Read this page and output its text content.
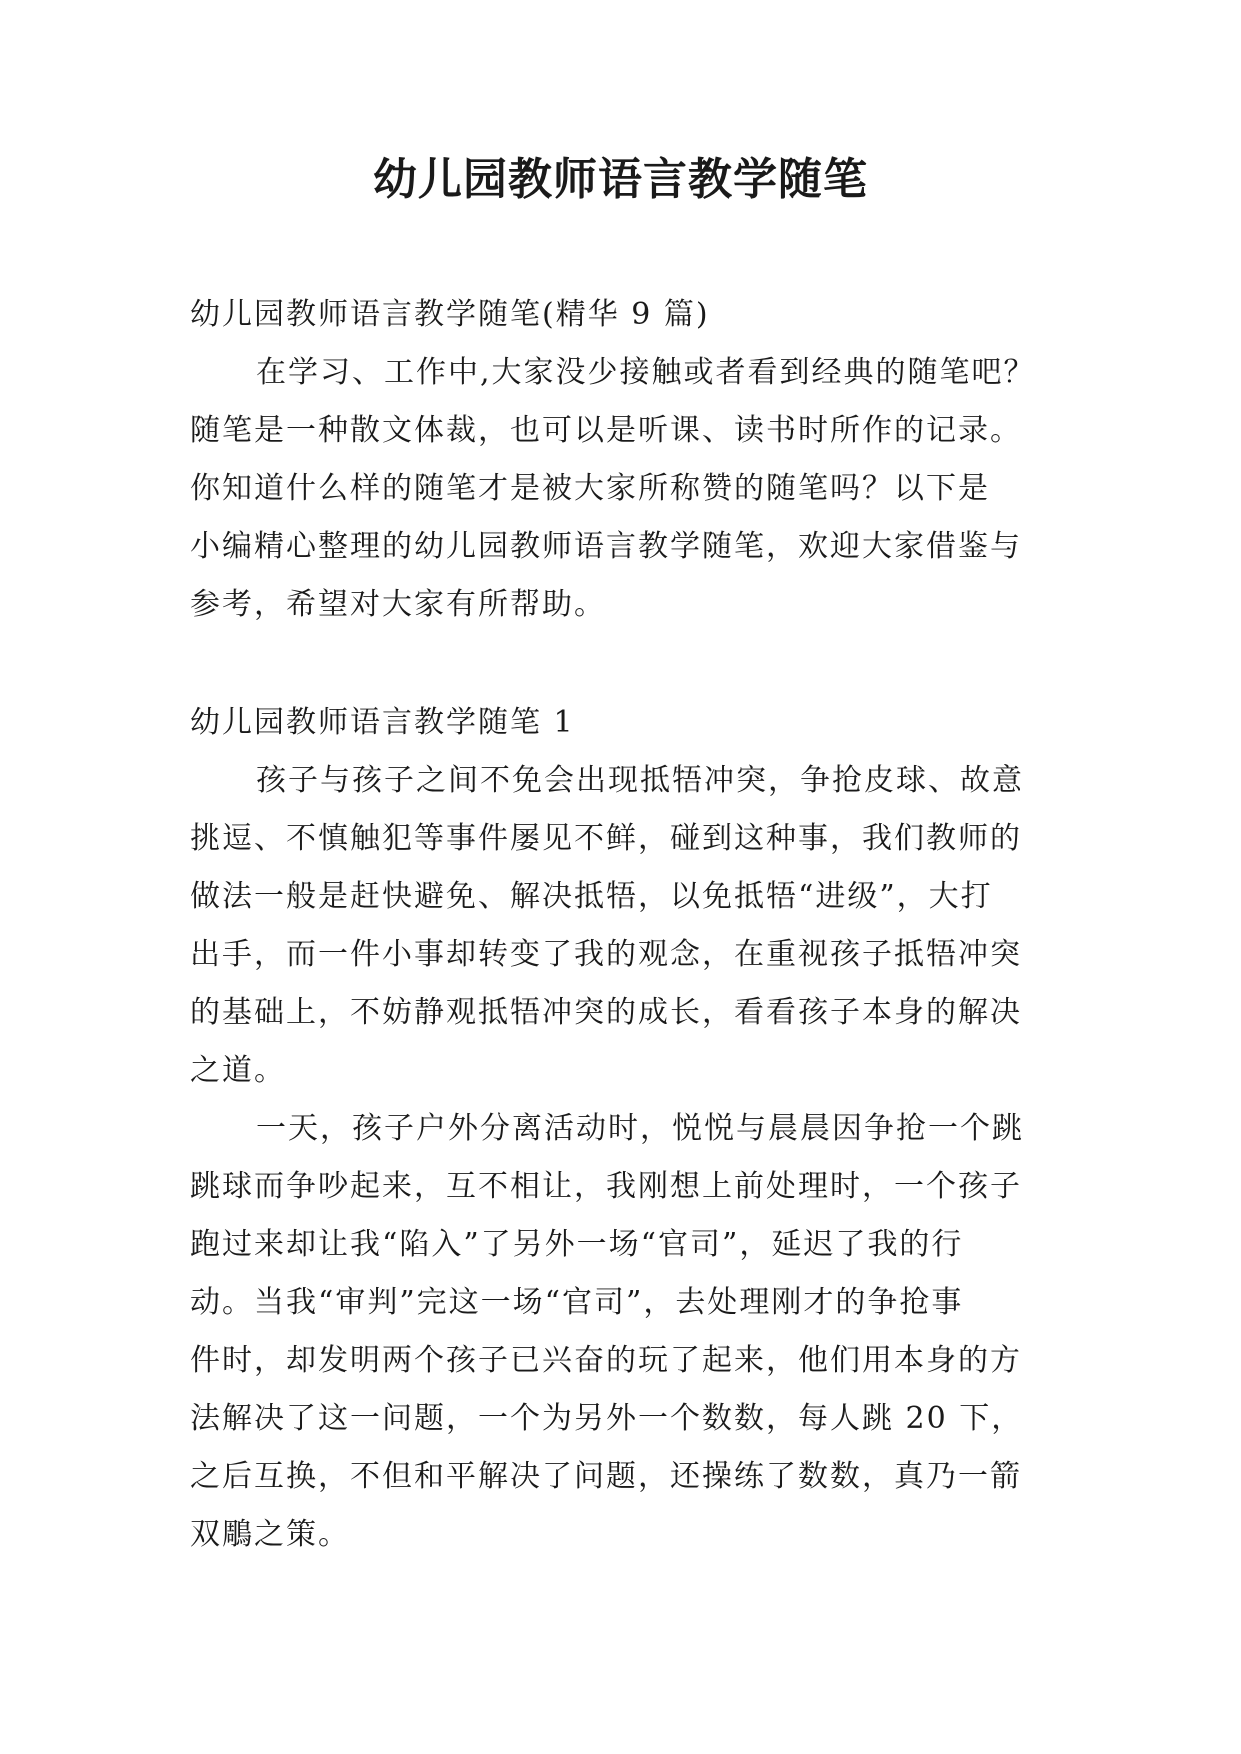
幼儿园教师语言教学随笔
幼儿园教师语言教学随笔(精华 9 篇)
在学习、工作中,大家没少接触或者看到经典的随笔吧？
随笔是一种散文体裁，也可以是听课、读书时所作的记录。
你知道什么样的随笔才是被大家所称赞的随笔吗？以下是
小编精心整理的幼儿园教师语言教学随笔，欢迎大家借鉴与
参考，希望对大家有所帮助。
幼儿园教师语言教学随笔 1
孩子与孩子之间不免会出现抵牾冲突，争抢皮球、故意
挑逗、不慎触犯等事件屡见不鲜，碰到这种事，我们教师的
做法一般是赶快避免、解决抵牾，以免抵牾“进级”，大打
出手，而一件小事却转变了我的观念，在重视孩子抵牾冲突
的基础上，不妨静观抵牾冲突的成长，看看孩子本身的解决
之道。
一天，孩子户外分离活动时，悦悦与晨晨因争抢一个跳
跳球而争吵起来，互不相让，我刚想上前处理时，一个孩子
跑过来却让我“陷入”了另外一场“官司”，延迟了我的行
动。当我“审判”完这一场“官司”，去处理刚才的争抢事
件时，却发明两个孩子已兴奋的玩了起来，他们用本身的方
法解决了这一问题，一个为另外一个数数，每人跳 20 下，
之后互换，不但和平解决了问题，还操练了数数，真乃一箭
双鵰之策。
